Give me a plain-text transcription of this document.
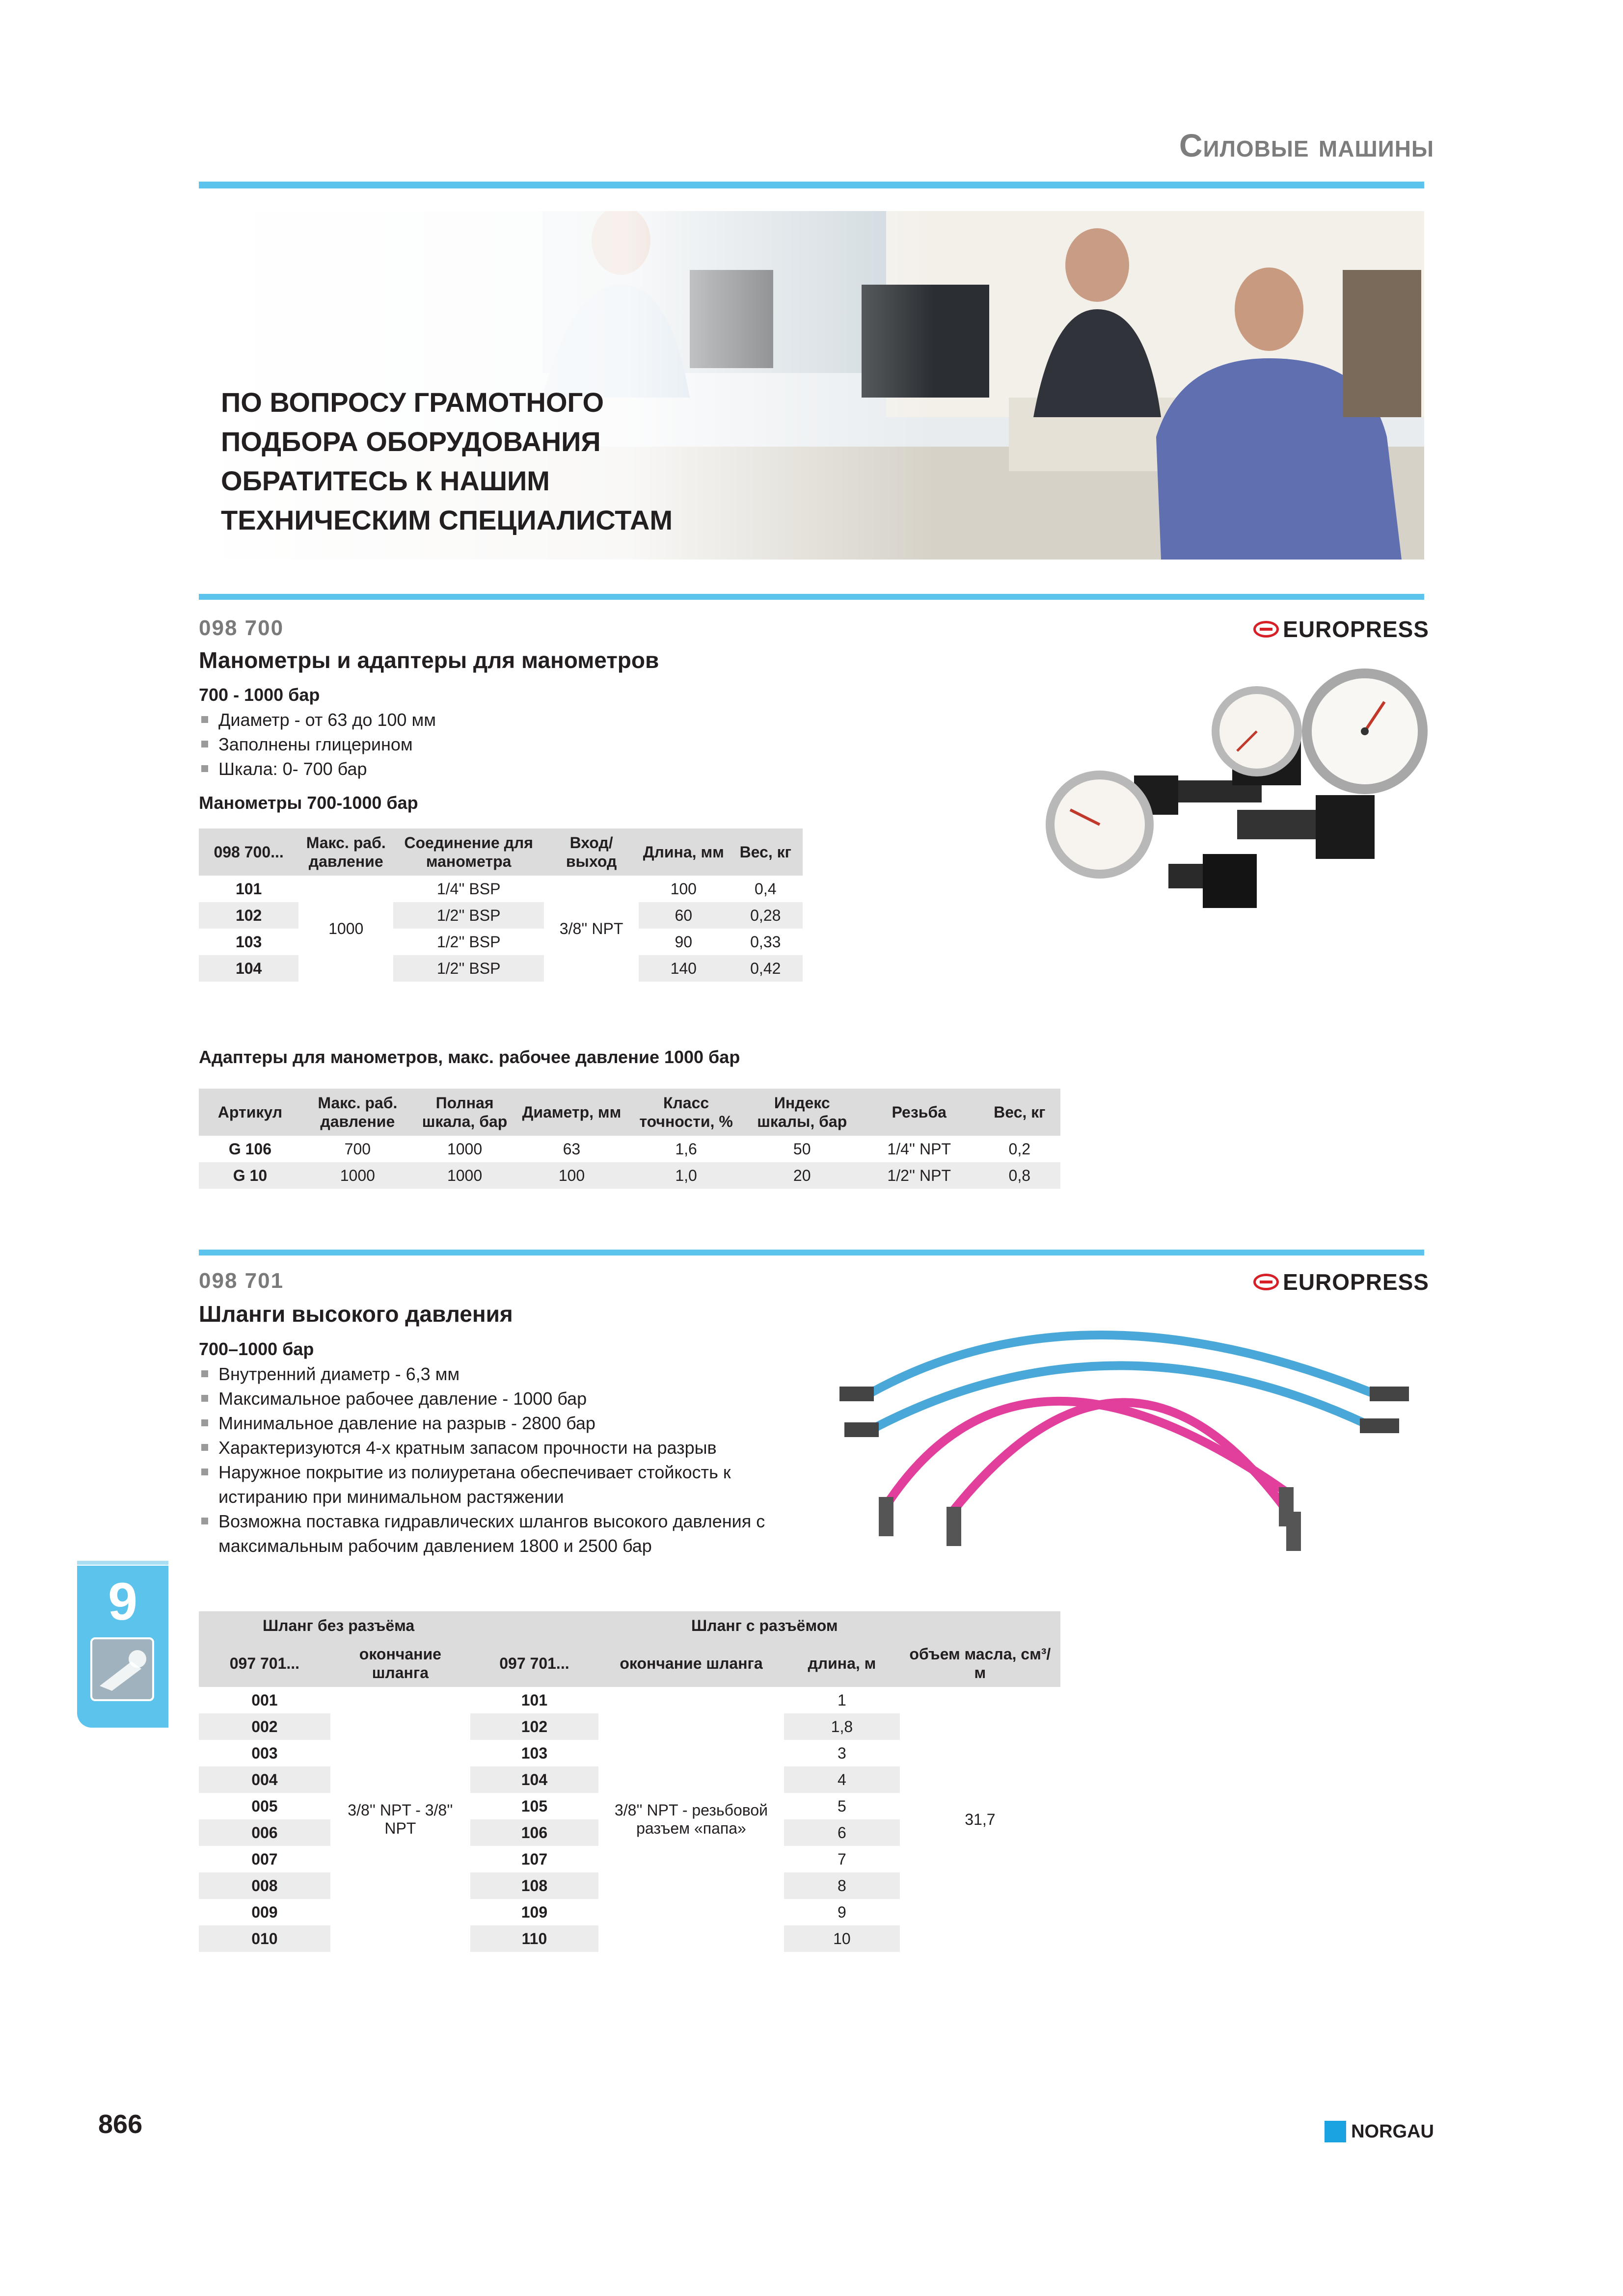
Силовые машины
ПО ВОПРОСУ ГРАМОТНОГО
ПОДБОРА ОБОРУДОВАНИЯ
ОБРАТИТЕСЬ К НАШИМ
ТЕХНИЧЕСКИМ СПЕЦИАЛИСТАМ
098 700
Манометры и адаптеры для манометров
EUROPRESS
700 - 1000 бар
Диаметр - от 63 до 100 мм
Заполнены глицерином
Шкала: 0- 700 бар
Манометры 700-1000 бар
098 700...	Макс. раб. давление	Соединение для манометра	Вход/ выход	Длина, мм	Вес, кг
101	1000	1/4'' BSP	3/8'' NPT	100	0,4
102		1/2'' BSP		60	0,28
103		1/2'' BSP		90	0,33
104		1/2'' BSP		140	0,42
Адаптеры для манометров, макс. рабочее давление 1000 бар
Артикул	Макс. раб. давление	Полная шкала, бар	Диаметр, мм	Класс точности, %	Индекс шкалы, бар	Резьба	Вес, кг
G 106	700	1000	63	1,6	50	1/4'' NPT	0,2
G 10	1000	1000	100	1,0	20	1/2'' NPT	0,8
098 701
Шланги высокого давления
EUROPRESS
700–1000 бар
Внутренний диаметр - 6,3 мм
Максимальное рабочее давление - 1000 бар
Минимальное давление на разрыв - 2800 бар
Характеризуются 4-х кратным запасом прочности на разрыв
Наружное покрытие из полиуретана обеспечивает стойкость к истиранию при минимальном растяжении
Возможна поставка гидравлических шлангов высокого давления с максимальным рабочим давлением 1800 и 2500 бар
Шланг без разъёма		Шланг с разъёмом			
097 701...	окончание шланга	097 701...	окончание шланга	длина, м	объем масла, см³/м
001	3/8'' NPT - 3/8'' NPT	101	3/8'' NPT - резьбовой разъем «папа»	1	31,7
002		102		1,8	
003		103		3	
004		104		4	
005		105		5	
006		106		6	
007		107		7	
008		108		8	
009		109		9	
010		110		10	
9
866	NORGAU
